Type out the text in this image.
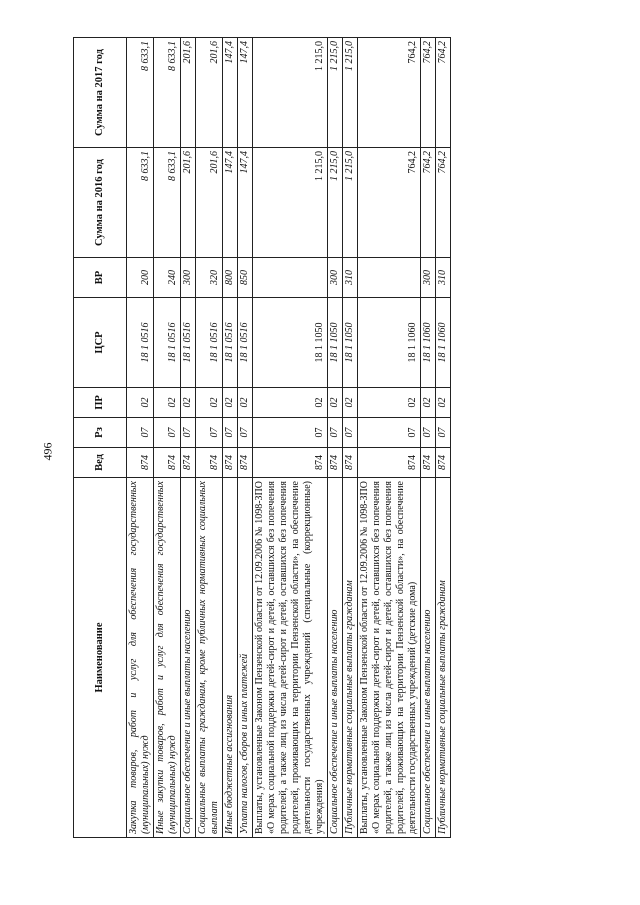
496
Наименование	Вед	Рз	ПР	ЦСР	ВР	Сумма на 2016 год	Сумма на 2017 год
Закупка товаров, работ и услуг для обеспечения государственных (муниципальных) нужд	874	07	02	18 1 0516	200	8 633,1	8 633,1
Иные закупки товаров, работ и услуг для обеспечения государственных (муниципальных) нужд	874	07	02	18 1 0516	240	8 633,1	8 633,1
Социальное обеспечение и иные выплаты населению	874	07	02	18 1 0516	300	201,6	201,6
Социальные выплаты гражданам, кроме публичных нормативных социальных выплат	874	07	02	18 1 0516	320	201,6	201,6
Иные бюджетные ассигнования	874	07	02	18 1 0516	800	147,4	147,4
Уплата налогов, сборов и иных платежей	874	07	02	18 1 0516	850	147,4	147,4
Выплаты, установленные Законом Пензенской области от 12.09.2006 № 1098-ЗПО «О мерах социальной поддержки детей-сирот и детей, оставшихся без попечения родителей, а также лиц из числа детей-сирот и детей, оставшихся без попечения родителей, проживающих на территории Пензенской области», на обеспечение деятельности государственных учреждений (специальные (коррекционные) учреждения)	874	07	02	18 1 1050		1 215,0	1 215,0
Социальное обеспечение и иные выплаты населению	874	07	02	18 1 1050	300	1 215,0	1 215,0
Публичные нормативные социальные выплаты гражданам	874	07	02	18 1 1050	310	1 215,0	1 215,0
Выплаты, установленные Законом Пензенской области от 12.09.2006 № 1098-ЗПО «О мерах социальной поддержки детей-сирот и детей, оставшихся без попечения родителей, а также лиц из числа детей-сирот и детей, оставшихся без попечения родителей, проживающих на территории Пензенской области», на обеспечение деятельности государственных учреждений (детские дома)	874	07	02	18 1 1060		764,2	764,2
Социальное обеспечение и иные выплаты населению	874	07	02	18 1 1060	300	764,2	764,2
Публичные нормативные социальные выплаты гражданам	874	07	02	18 1 1060	310	764,2	764,2
